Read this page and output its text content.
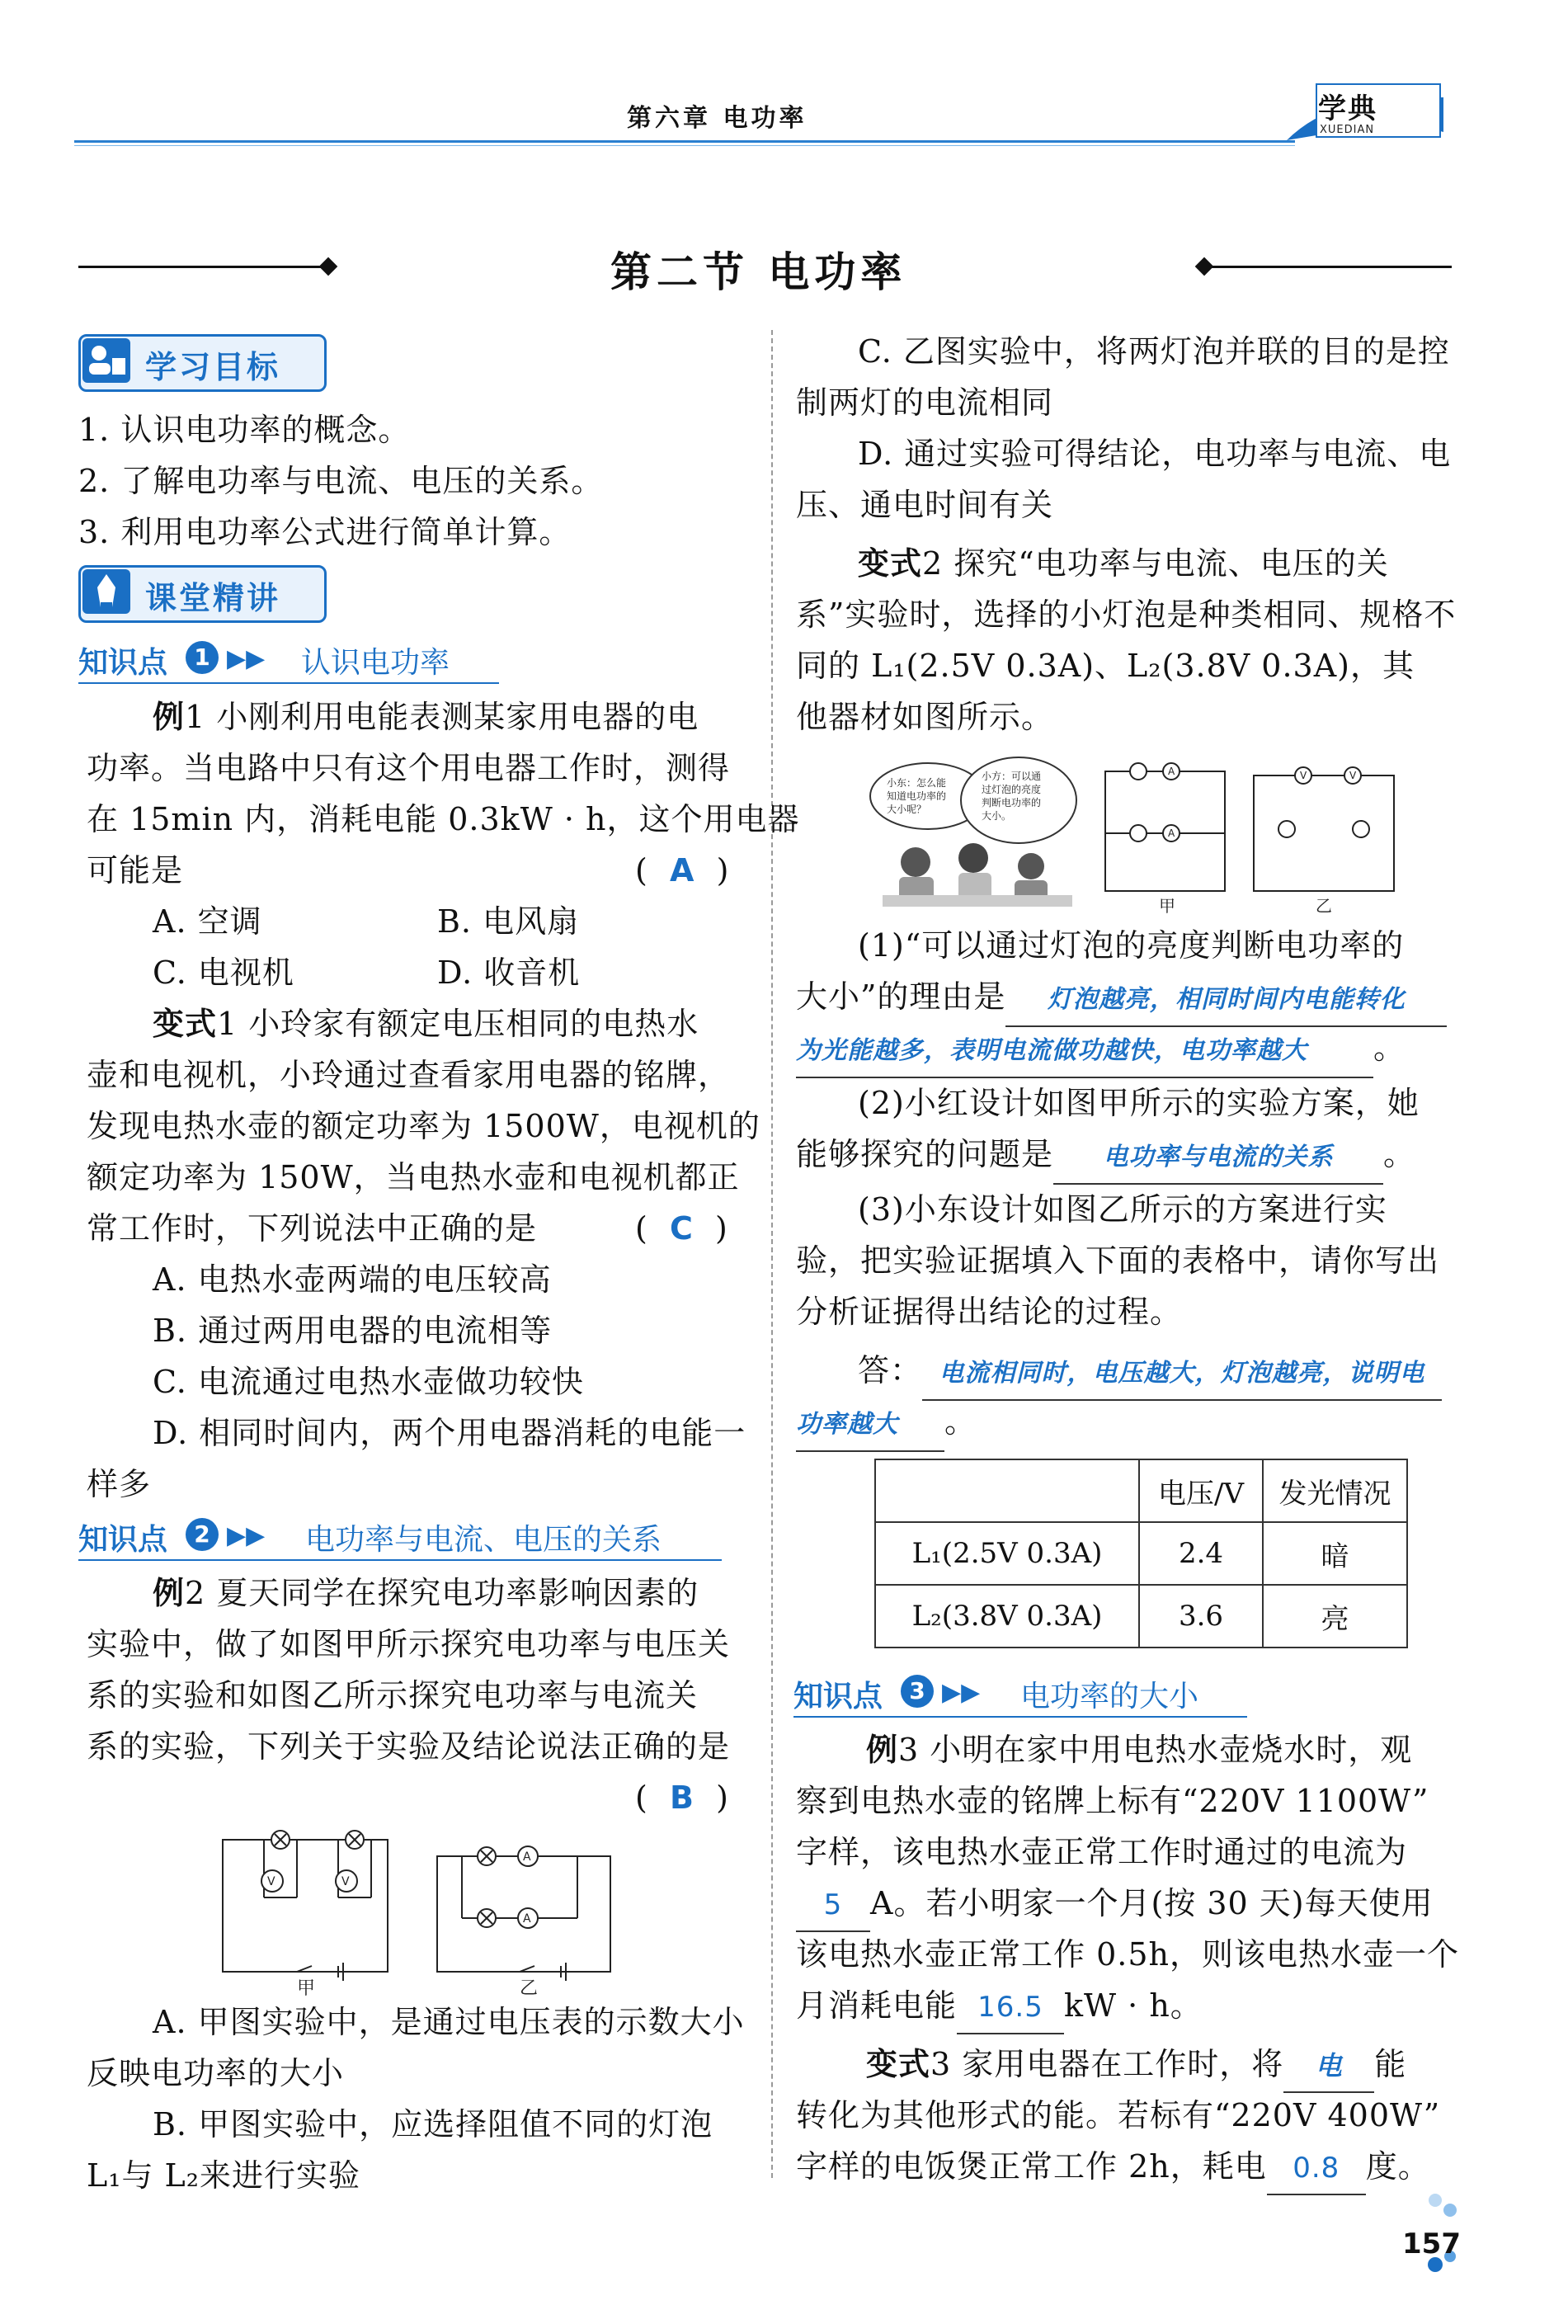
第六章 电功率	学典
XUEDIAN
第二节 电功率
学习目标
1. 认识电功率的概念。
2. 了解电功率与电流、电压的关系。
3. 利用电功率公式进行简单计算。
课堂精讲
知识点	1 ▶▶ 认识电功率
例1 小刚利用电能表测某家用电器的电
功率。当电路中只有这个用电器工作时，测得
在 15min 内，消耗电能 0.3kW · h，这个用电器
可能是	(  A  )
A. 空调	B. 电风扇
C. 电视机	D. 收音机
变式1 小玲家有额定电压相同的电热水
壶和电视机，小玲通过查看家用电器的铭牌，
发现电热水壶的额定功率为 1500W，电视机的
额定功率为 150W，当电热水壶和电视机都正
常工作时，下列说法中正确的是	(  C  )
A. 电热水壶两端的电压较高
B. 通过两用电器的电流相等
C. 电流通过电热水壶做功较快
D. 相同时间内，两个用电器消耗的电能一
样多
知识点	2 ▶▶ 电功率与电流、电压的关系
例2 夏天同学在探究电功率影响因素的
实验中，做了如图甲所示探究电功率与电压关
系的实验和如图乙所示探究电功率与电流关
系的实验，下列关于实验及结论说法正确的是
(  B  )
V	V
A
A
甲	乙
A. 甲图实验中，是通过电压表的示数大小
反映电功率的大小
B. 甲图实验中，应选择阻值不同的灯泡
L₁与 L₂来进行实验
C. 乙图实验中，将两灯泡并联的目的是控
制两灯的电流相同
D. 通过实验可得结论，电功率与电流、电
压、通电时间有关
变式2 探究“电功率与电流、电压的关
系”实验时，选择的小灯泡是种类相同、规格不
同的 L₁(2.5V 0.3A)、L₂(3.8V 0.3A)，其
他器材如图所示。
小东：怎么能
知道电功率的
大小呢？
小方：可以通
过灯泡的亮度
判断电功率的
大小。
A
A
V	V
甲	乙
(1)“可以通过灯泡的亮度判断电功率的
大小”的理由是 灯泡越亮，相同时间内电能转化
为光能越多，表明电流做功越快，电功率越大 。
(2)小红设计如图甲所示的实验方案，她
能够探究的问题是 电功率与电流的关系 。
(3)小东设计如图乙所示的方案进行实
验，把实验证据填入下面的表格中，请你写出
分析证据得出结论的过程。
答： 电流相同时，电压越大，灯泡越亮，说明电
功率越大 。
	电压/V	发光情况
L₁(2.5V 0.3A)	2.4	暗
L₂(3.8V 0.3A)	3.6	亮
知识点	3 ▶▶ 电功率的大小
例3 小明在家中用电热水壶烧水时，观
察到电热水壶的铭牌上标有“220V 1100W”
字样，该电热水壶正常工作时通过的电流为
5 A。若小明家一个月(按 30 天)每天使用
该电热水壶正常工作 0.5h，则该电热水壶一个
月消耗电能 16.5 kW · h。
变式3 家用电器在工作时，将 电 能
转化为其他形式的能。若标有“220V 400W”
字样的电饭煲正常工作 2h，耗电 0.8 度。
157
